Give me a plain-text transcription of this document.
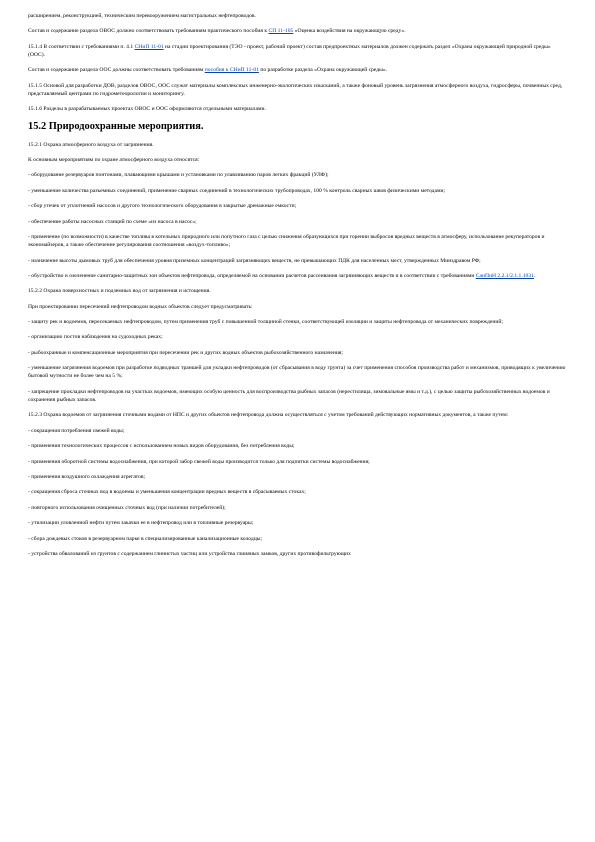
расширением, реконструкцией, техническим перевооружением магистральных нефтепроводов.

Состав и содержание раздела ОВОС должно соответствовать требованиям практического пособия к СП 11-105 «Оценка воздействия на окружающую среду».

15.1.4 В соответствии с требованиями п. 4.1 СНиП 11-01 на стадии проектирования (ТЭО - проект, рабочий проект) состав предпроектных материалов должен содержать раздел «Охрана окружающей природной среды» (ООС).

Состав и содержание раздела ООС должны соответствовать требованиям пособия к СНиП 11-01 по разработке раздела «Охрана окружающей среды».

15.1.5 Основой для разработки ДОВ, разделов ОВОС, ООС служат материалы комплексных инженерно-экологических изысканий, а также фоновый уровень загрязнения атмосферного воздуха, гидросферы, почвенных сред, представляемый центрами по гидрометеорологии и мониторингу.

15.1.6 Разделы в разрабатываемых проектах ОВОС и ООС оформляются отдельными материалами.

15.2 Природоохранные мероприятия.

15.2.1 Охрана атмосферного воздуха от загрязнения.

К основным мероприятиям по охране атмосферного воздуха относятся:

- оборудование резервуаров понтонами, плавающими крышами и установками по улавливанию паров легких фракций (УЛФ);

- уменьшение количества разъемных соединений, применение сварных соединений в технологических трубопроводах, 100 % контроль сварных швов физическими методами;

- сбор утечек от уплотнений насосов и другого технологического оборудования в закрытые дренажные емкости;

- обеспечение работы насосных станций по схеме «из насоса в насос»;

- применение (по возможности) в качестве топлива в котельных природного или попутного газа с целью снижения образующихся при горении выбросов вредных веществ в атмосферу, использование рекуператоров и экономайзеров, а также обеспечение регулирования соотношения «воздух-топливо»;

- назначение высоты дымовых труб для обеспечения уровня приземных концентраций загрязняющих веществ, не превышающих ПДК для населенных мест, утвержденных Минздравом РФ;

- обустройство и озеленение санитарно-защитных зон объектов нефтепровода, определяемой на основании расчетов рассеивания загрязняющих веществ и в соответствии с требованиями СанПиН 2.2.1/2.1.1.1031.

15.2.2 Охрана поверхностных и подземных вод от загрязнения и истощения.

При проектировании пересечений нефтепроводом водных объектов следует предусматривать:

- защиту рек и водоемов, пересекаемых нефтепроводом, путем применения труб с повышенной толщиной стенки, соответствующей изоляции и защиты нефтепровода от механических повреждений;

- организацию постов наблюдения на судоходных реках;

- рыбоохранные и компенсационные мероприятия при пересечении рек и других водных объектов рыбохозяйственного назначения;

- уменьшение загрязнения водоемов при разработке подводных траншей для укладки нефтепроводов (от сбрасывания в воду грунта) за счет применения способов производства работ и механизмов, приводящих к увеличению бытовой мутности не более чем на 5 %;

- запрещение прокладки нефтепроводов на участках водоемов, имеющих особую ценность для воспроизводства рыбных запасов (нерестилища, зимовальные ямы и т.д.), с целью защиты рыбохозяйственных водоемов и сохранения рыбных запасов.

15.2.3 Охрана водоемов от загрязнения сточными водами от НПС и других объектов нефтепровода должна осуществляться с учетом требований действующих нормативных документов, а также путем:

- сокращения потребления свежей воды;

- применения технологических процессов с использованием новых видов оборудования, без потребления воды;

- применения оборотной системы водоснабжения, при которой забор свежей воды производится только для подпитки системы водоснабжения;

- применения воздушного охлаждения агрегатов;

- сокращения сброса сточных вод в водоемы и уменьшения концентрации вредных веществ в сбрасываемых стоках;

- повторного использования очищенных сточных вод (при наличии потребителей);

- утилизации уловленной нефти путем закачки ее в нефтепровод или в топливные резервуары;

- сбора дождевых стоков в резервуарном парке в специализированные канализационные колодцы;

- устройства обвалований из грунтов с содержанием глинистых частиц или устройства глиняных замков, других противофильтрующих
